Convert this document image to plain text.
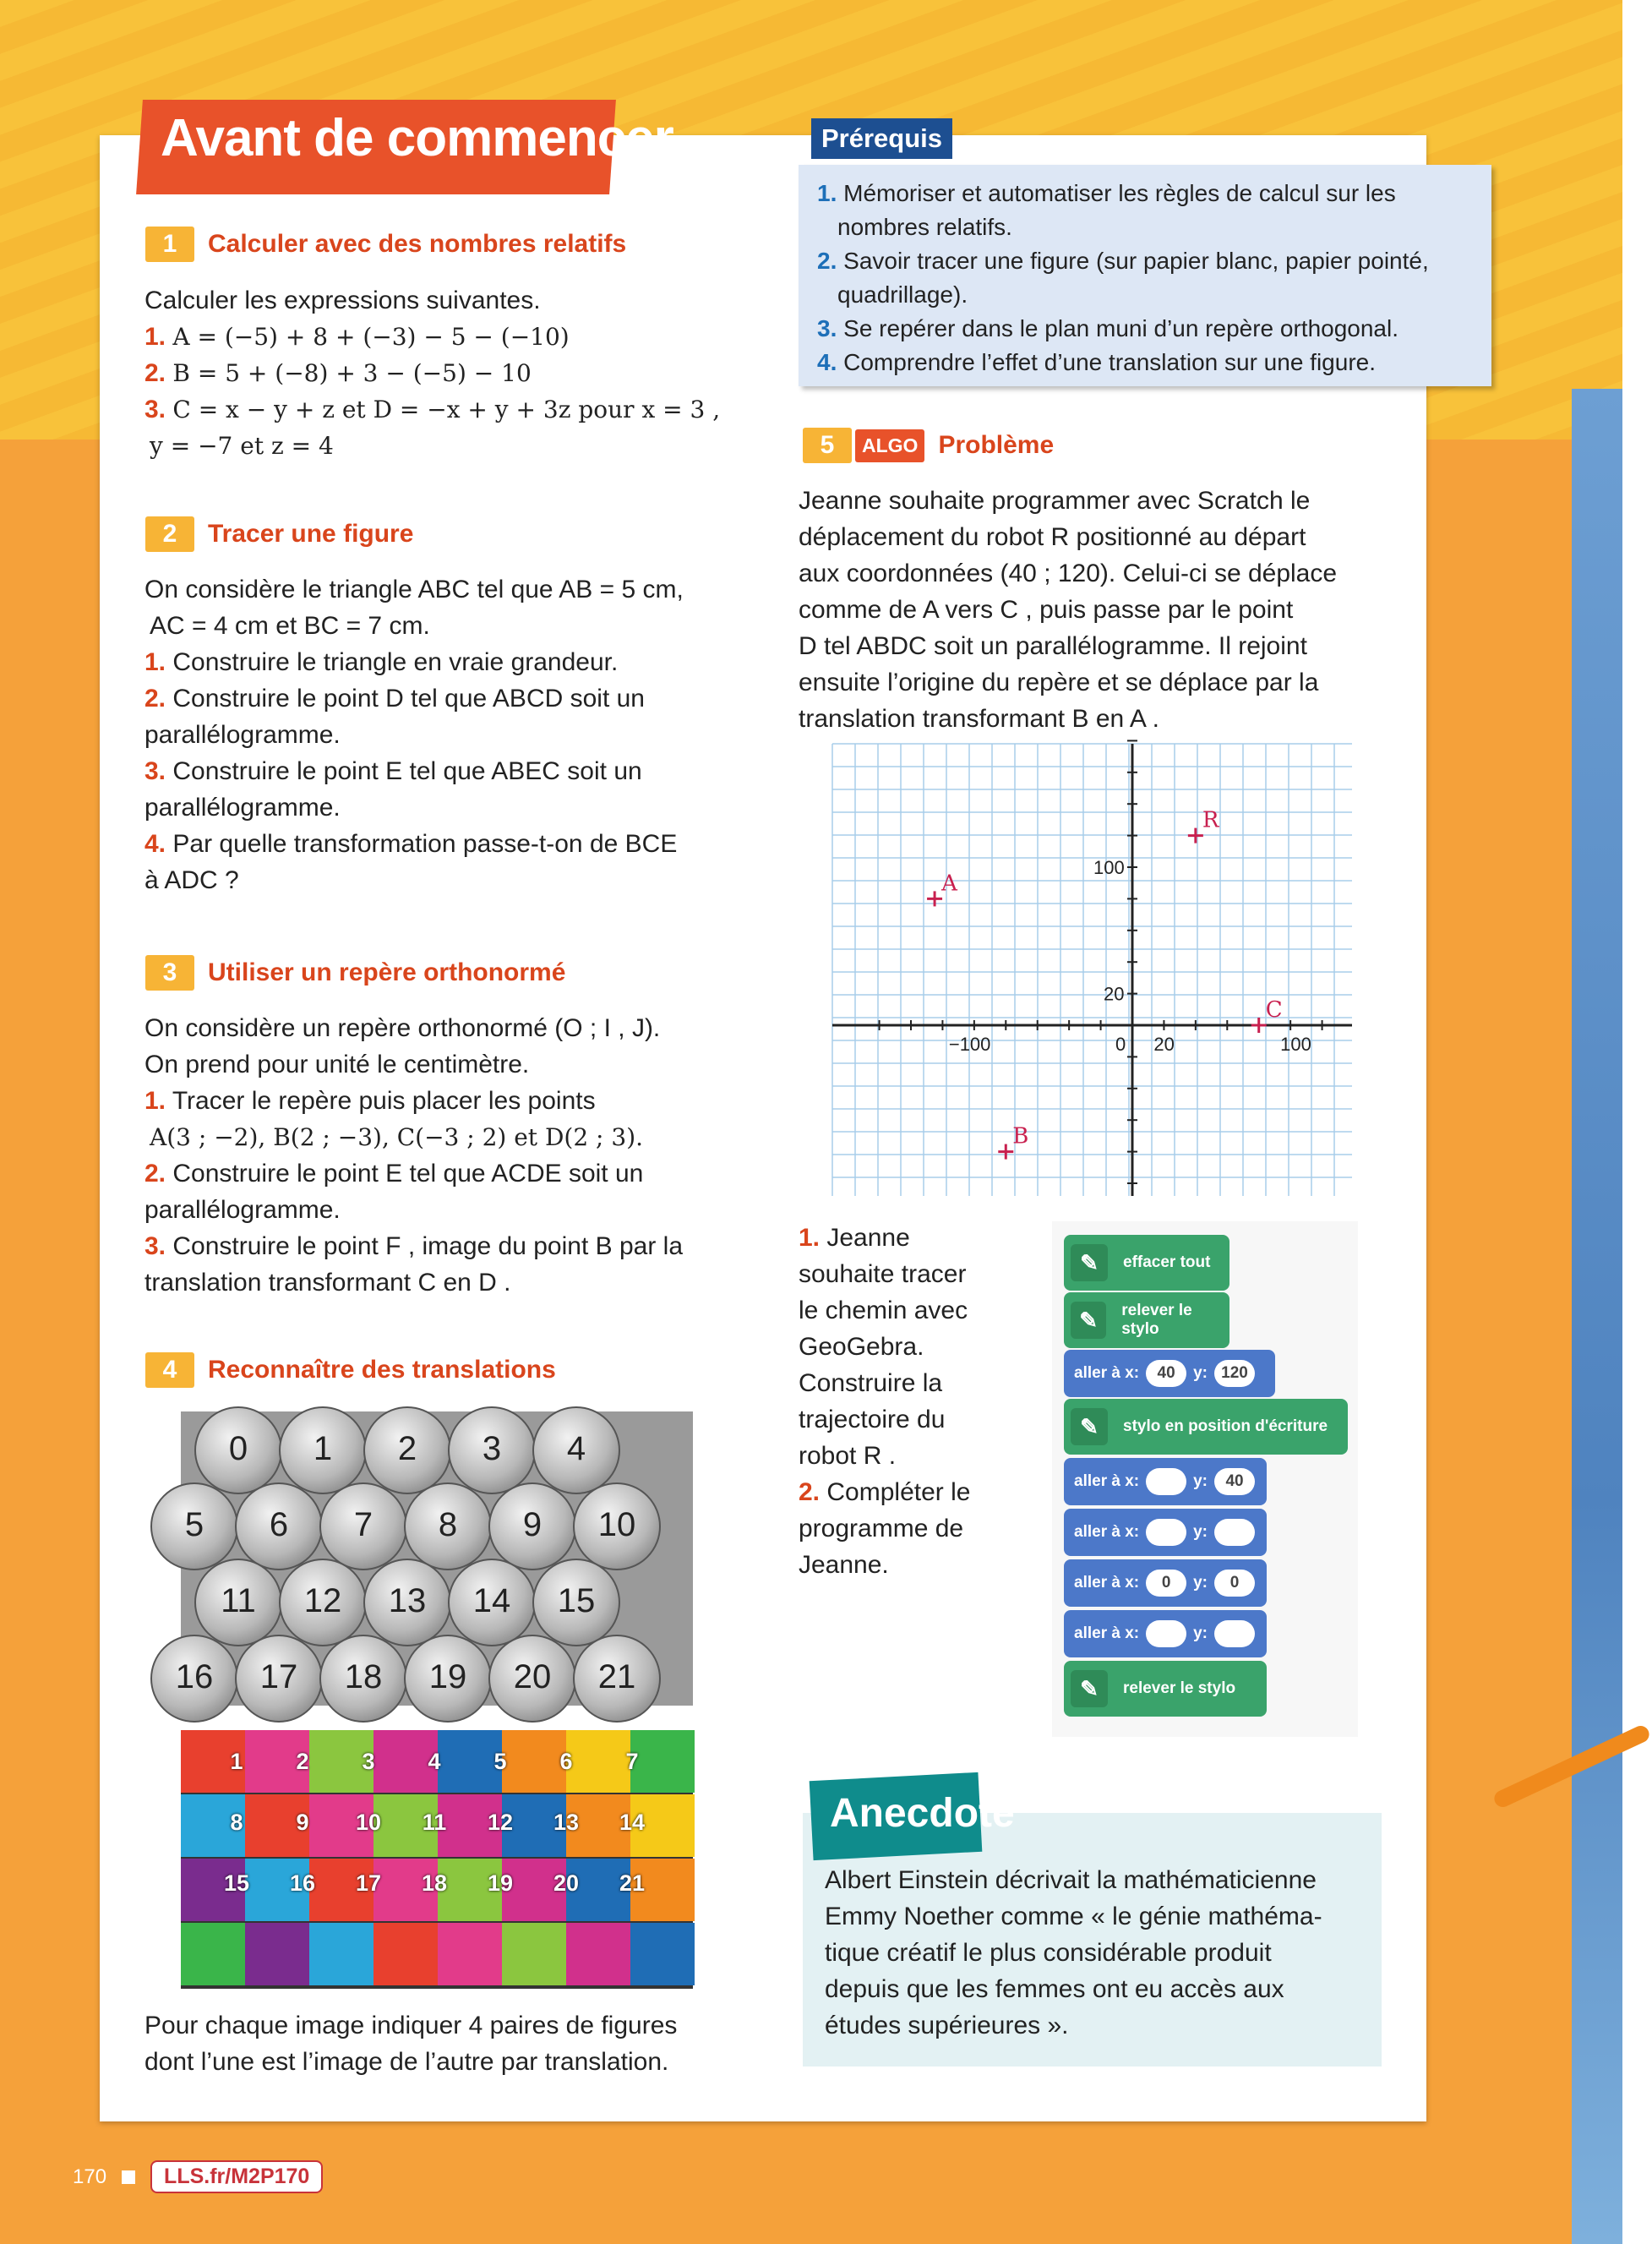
Avant de commencer
1. Mémoriser et automatiser les règles de calcul sur les nombres relatifs.
2. Savoir tracer une figure (sur papier blanc, papier pointé, quadrillage).
3. Se repérer dans le plan muni d’un repère orthogonal.
4. Comprendre l’effet d’une translation sur une figure.
Prérequis
1	Calculer avec des nombres relatifs

Calculer les expressions suivantes.

1. A = (−5) + 8 + (−3) − 5 − (−10)

2. B = 5 + (−8) + 3 − (−5) − 10

3. C = x − y + z et D = −x + y + 3z pour x = 3 ,

y = −7 et z = 4

2	Tracer une figure

On considère le triangle ABC tel que AB = 5 cm,

AC = 4 cm et BC = 7 cm.

1. Construire le triangle en vraie grandeur.

2. Construire le point D tel que ABCD soit un

parallélogramme.

3. Construire le point E tel que ABEC soit un

parallélogramme.

4. Par quelle transformation passe-t-on de BCE

à ADC ?

3	Utiliser un repère orthonormé

On considère un repère orthonormé (O ; I , J).

On prend pour unité le centimètre.

1. Tracer le repère puis placer les points

A(3 ; −2), B(2 ; −3), C(−3 ; 2) et D(2 ; 3).

2. Construire le point E tel que ACDE soit un

parallélogramme.

3. Construire le point F , image du point B par la

translation transformant C en D .

4	Reconnaître des translations
0	1	2	3	4
5	6	7	8	9	10
11	12	13	14	15
16	17	18	19	20	21
1	2	3	4	5	6	7
8	9	10	11	12	13	14
15	16	17	18	19	20	21

Pour chaque image indiquer 4 paires de figures

dont l’une est l’image de l’autre par translation.

5	ALGO Problème

Jeanne souhaite programmer avec Scratch le

déplacement du robot R positionné au départ

aux coordonnées (40 ; 120). Celui-ci se déplace

comme de A vers C , puis passe par le point

D tel ABDC soit un parallélogramme. Il rejoint

ensuite l’origine du repère et se déplace par la

translation transformant B en A .

−100	0 20	100
100
20
R
A
C
B

1. Jeanne

souhaite tracer

le chemin avec

GeoGebra.

Construire la

trajectoire du

robot R .

2. Compléter le

programme de

Jeanne.

✎	effacer tout
✎	relever le stylo
aller à x:	40	y: 120
✎	stylo en position d'écriture
aller à x:	y:	40
aller à x:	y:
aller à x:	0	y:	0
aller à x:	y:
✎	relever le stylo
Anecdote

Albert Einstein décrivait la mathématicienne

Emmy Noether comme « le génie mathéma-

tique créatif le plus considérable produit

depuis que les femmes ont eu accès aux

études supérieures ».

170	LLS.fr/M2P170
